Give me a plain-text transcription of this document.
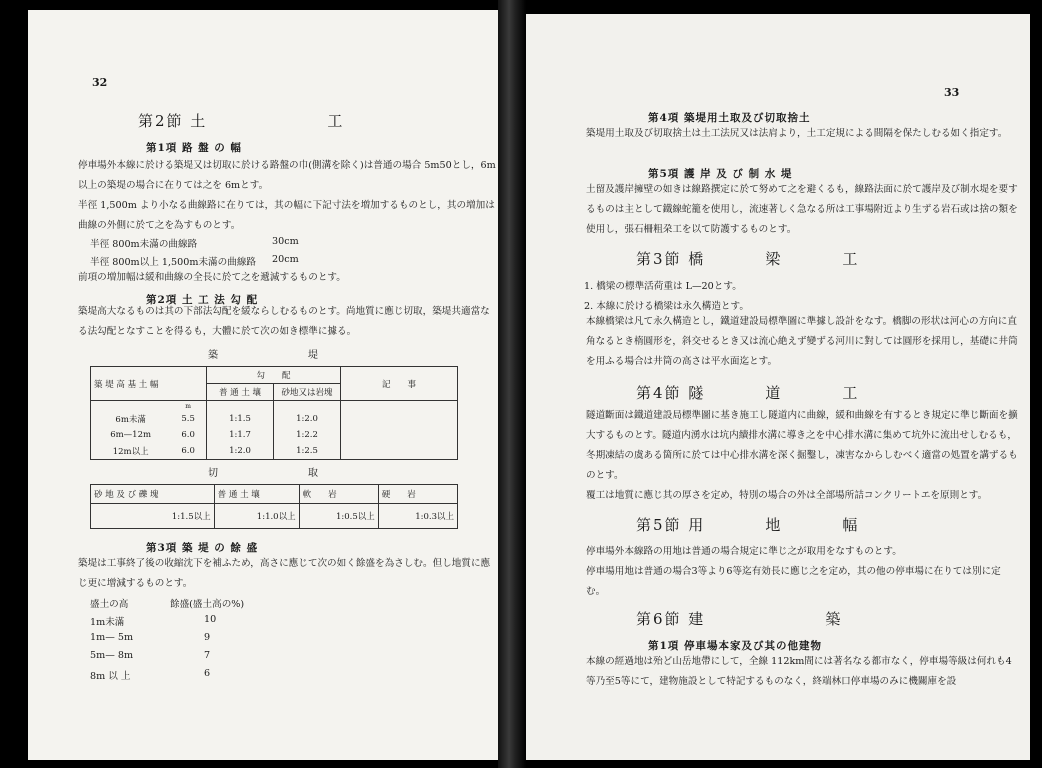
32
第2節 土	工
第1項 路 盤 の 幅
停車場外本線に於ける築堤又は切取に於ける路盤の巾(側溝を除く)は普通の場合 5m50とし，6m以上の築堤の場合に在りては之を 6mとす。
半徑 1,500m より小なる曲線路に在りては，其の幅に下記寸法を増加するものとし，其の増加は曲線の外側に於て之を為すものとす。
半徑 800m未滿の曲線路	30cm
半徑 800m以上 1,500m未滿の曲線路 20cm
前項の増加幅は緩和曲線の全長に於て之を遞減するものとす。
第2項 土 工 法 勾 配
築堤高大なるものは其の下部法勾配を緩ならしむるものとす。尚地質に應じ切取，築堤共適當なる法勾配となすことを得るも，大體に於て次の如き標準に據る。
築　堤
築 堤 高 基 土 幅		勾　　配		記　　事
		普 通 土 壤	砂地又は岩塊	
	m			
6m未滿	5.5	1:1.5	1:2.0	
6m—12m	6.0	1:1.7	1:2.2	
12m以上	6.0	1:2.0	1:2.5	
切　取
砂 地 及 び 礫 塊	普 通 土 壤	軟　　岩	硬　　岩
1:1.5以上	1:1.0以上	1:0.5以上	1:0.3以上
第3項 築 堤 の 餘 盛
築堤は工事終了後の收縮沈下を補ふため，高さに應じて次の如く餘盛を為さしむ。但し地質に應じ更に增減するものとす。
盛土の高	餘盛(盛土高の%)
1m未滿	10
1m— 5m	9
5m— 8m	7
8m 以 上	6
33
第4項 築堤用土取及び切取捨土
築堤用土取及び切取捨土は土工法尻又は法肩より，土工定規による間隔を保たしむる如く指定す。
第5項 護 岸 及 び 制 水 堤
土留及護岸擁壁の如きは線路撰定に於て努めて之を避くるも，線路法面に於て護岸及び制水堤を要するものは主として鐵線蛇籠を使用し，流速著しく急なる所は工事場附近より生ずる岩石或は捨の類を使用し，張石柵粗朶工を以て防護するものとす。
第3節 橋	梁	工
1. 橋梁の標準活荷重は L—20とす。
2. 本線に於ける橋梁は永久構造とす。
本線橋梁は凡て永久構造とし，鐵道建設局標準圖に準據し設計をなす。橋脚の形状は河心の方向に直角なるとき楕圓形を，斜交せるとき又は流心絶えず變ずる河川に對しては圓形を採用し，基礎に井筒を用ふる場合は井筒の高さは平水面迄とす。
第4節 隧	道	工
隧道斷面は鐵道建設局標準圖に基き施工し隧道内に曲線，緩和曲線を有するとき規定に準じ斷面を擴大するものとす。隧道内湧水は坑内續排水溝に導き之を中心排水溝に集めて坑外に流出せしむるも，冬期凍結の虞ある箇所に於ては中心排水溝を深く掘鑿し，凍害なからしむべく適當の処置を講ずるものとす。
覆工は地質に應じ其の厚さを定め，特別の場合の外は全部場所詰コンクリートエを原則とす。
第5節 用	地	幅
停車場外本線路の用地は普通の場合規定に準じ之が取用をなすものとす。
停車場用地は普通の場合3等より6等迄有効長に應じ之を定め，其の他の停車場に在りては別に定む。
第6節 建	築
第1項 停車場本家及び其の他建物
本線の經過地は殆ど山岳地帶にして，全線 112km間には著名なる都市なく，停車場等級は何れも4等乃至5等にて，建物施設として特記するものなく，終端林口停車場のみに機關庫を設
